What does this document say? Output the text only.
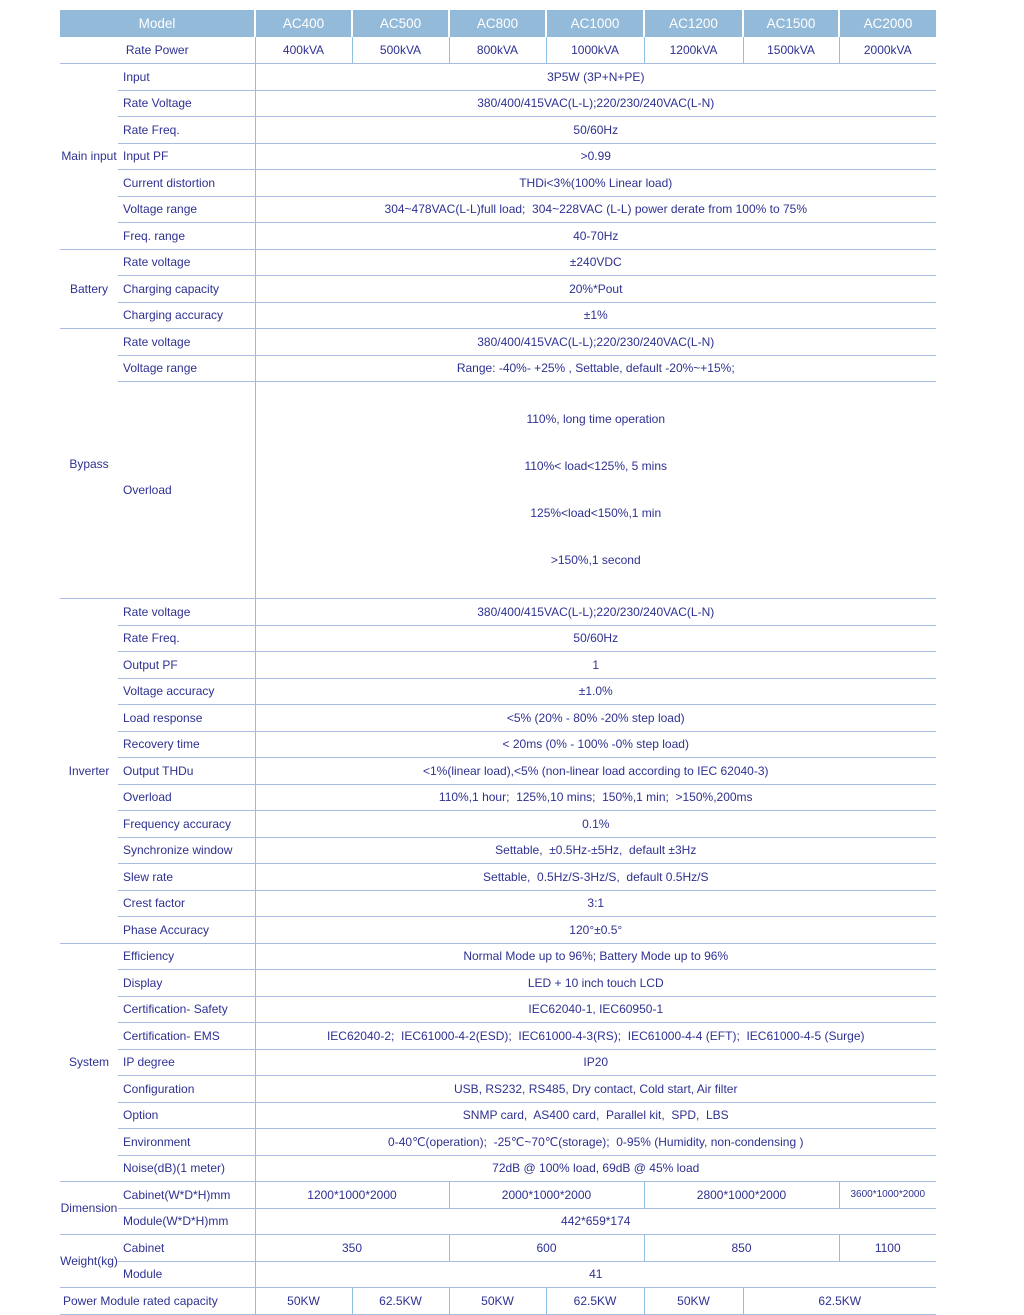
Model		AC400	AC500	AC800	AC1000	AC1200	AC1500	AC2000
Rate Power		400kVA	500kVA	800kVA	1000kVA	1200kVA	1500kVA	2000kVA
Main input	Input	3P5W (3P+N+PE)						
	Rate Voltage	380/400/415VAC(L-L);220/230/240VAC(L-N)						
	Rate Freq.	50/60Hz						
	Input PF	>0.99						
	Current distortion	THDi<3%(100% Linear load)						
	Voltage range	304~478VAC(L-L)full load;  304~228VAC (L-L) power derate from 100% to 75%						
	Freq. range	40-70Hz						
Battery	Rate voltage	±240VDC						
	Charging capacity	20%*Pout						
	Charging accuracy	±1%						
Bypass	Rate voltage	380/400/415VAC(L-L);220/230/240VAC(L-N)						
	Voltage range	Range: -40%- +25% , Settable, default -20%~+15%;						
	Overload	110%, long time operation

110%< load<125%, 5 mins

125%<load<150%,1 min

>150%,1 second						

Inverter	Rate voltage	380/400/415VAC(L-L);220/230/240VAC(L-N)						
	Rate Freq.	50/60Hz						
	Output PF	1						
	Voltage accuracy	±1.0%						
	Load response	<5% (20% - 80% -20% step load)						
	Recovery time	< 20ms (0% - 100% -0% step load)						
	Output THDu	<1%(linear load),<5% (non-linear load according to IEC 62040-3)						
	Overload	110%,1 hour;  125%,10 mins;  150%,1 min;  >150%,200ms						
	Frequency accuracy	0.1%						
	Synchronize window	Settable,  ±0.5Hz-±5Hz,  default ±3Hz						
	Slew rate	Settable,  0.5Hz/S-3Hz/S,  default 0.5Hz/S						
	Crest factor	3:1						
	Phase Accuracy	120°±0.5°						
System	Efficiency	Normal Mode up to 96%; Battery Mode up to 96%						
	Display	LED + 10 inch touch LCD						
	Certification- Safety	IEC62040-1, IEC60950-1						
	Certification- EMS	IEC62040-2;  IEC61000-4-2(ESD);  IEC61000-4-3(RS);  IEC61000-4-4 (EFT);  IEC61000-4-5 (Surge)						
	IP degree	IP20						
	Configuration	USB, RS232, RS485, Dry contact, Cold start, Air filter						
	Option	SNMP card,  AS400 card,  Parallel kit,  SPD,  LBS						
	Environment	0-40℃(operation);  -25℃~70℃(storage);  0-95% (Humidity, non-condensing )						
	Noise(dB)(1 meter)	72dB @ 100% load, 69dB @ 45% load						
Dimension	Cabinet(W*D*H)mm	1200*1000*2000		2000*1000*2000		2800*1000*2000		3600*1000*2000
	Module(W*D*H)mm	442*659*174						
Weight(kg)	Cabinet	350		600		850		1100
	Module	41						
Power Module rated capacity		50KW	62.5KW	50KW	62.5KW	50KW	62.5KW	
